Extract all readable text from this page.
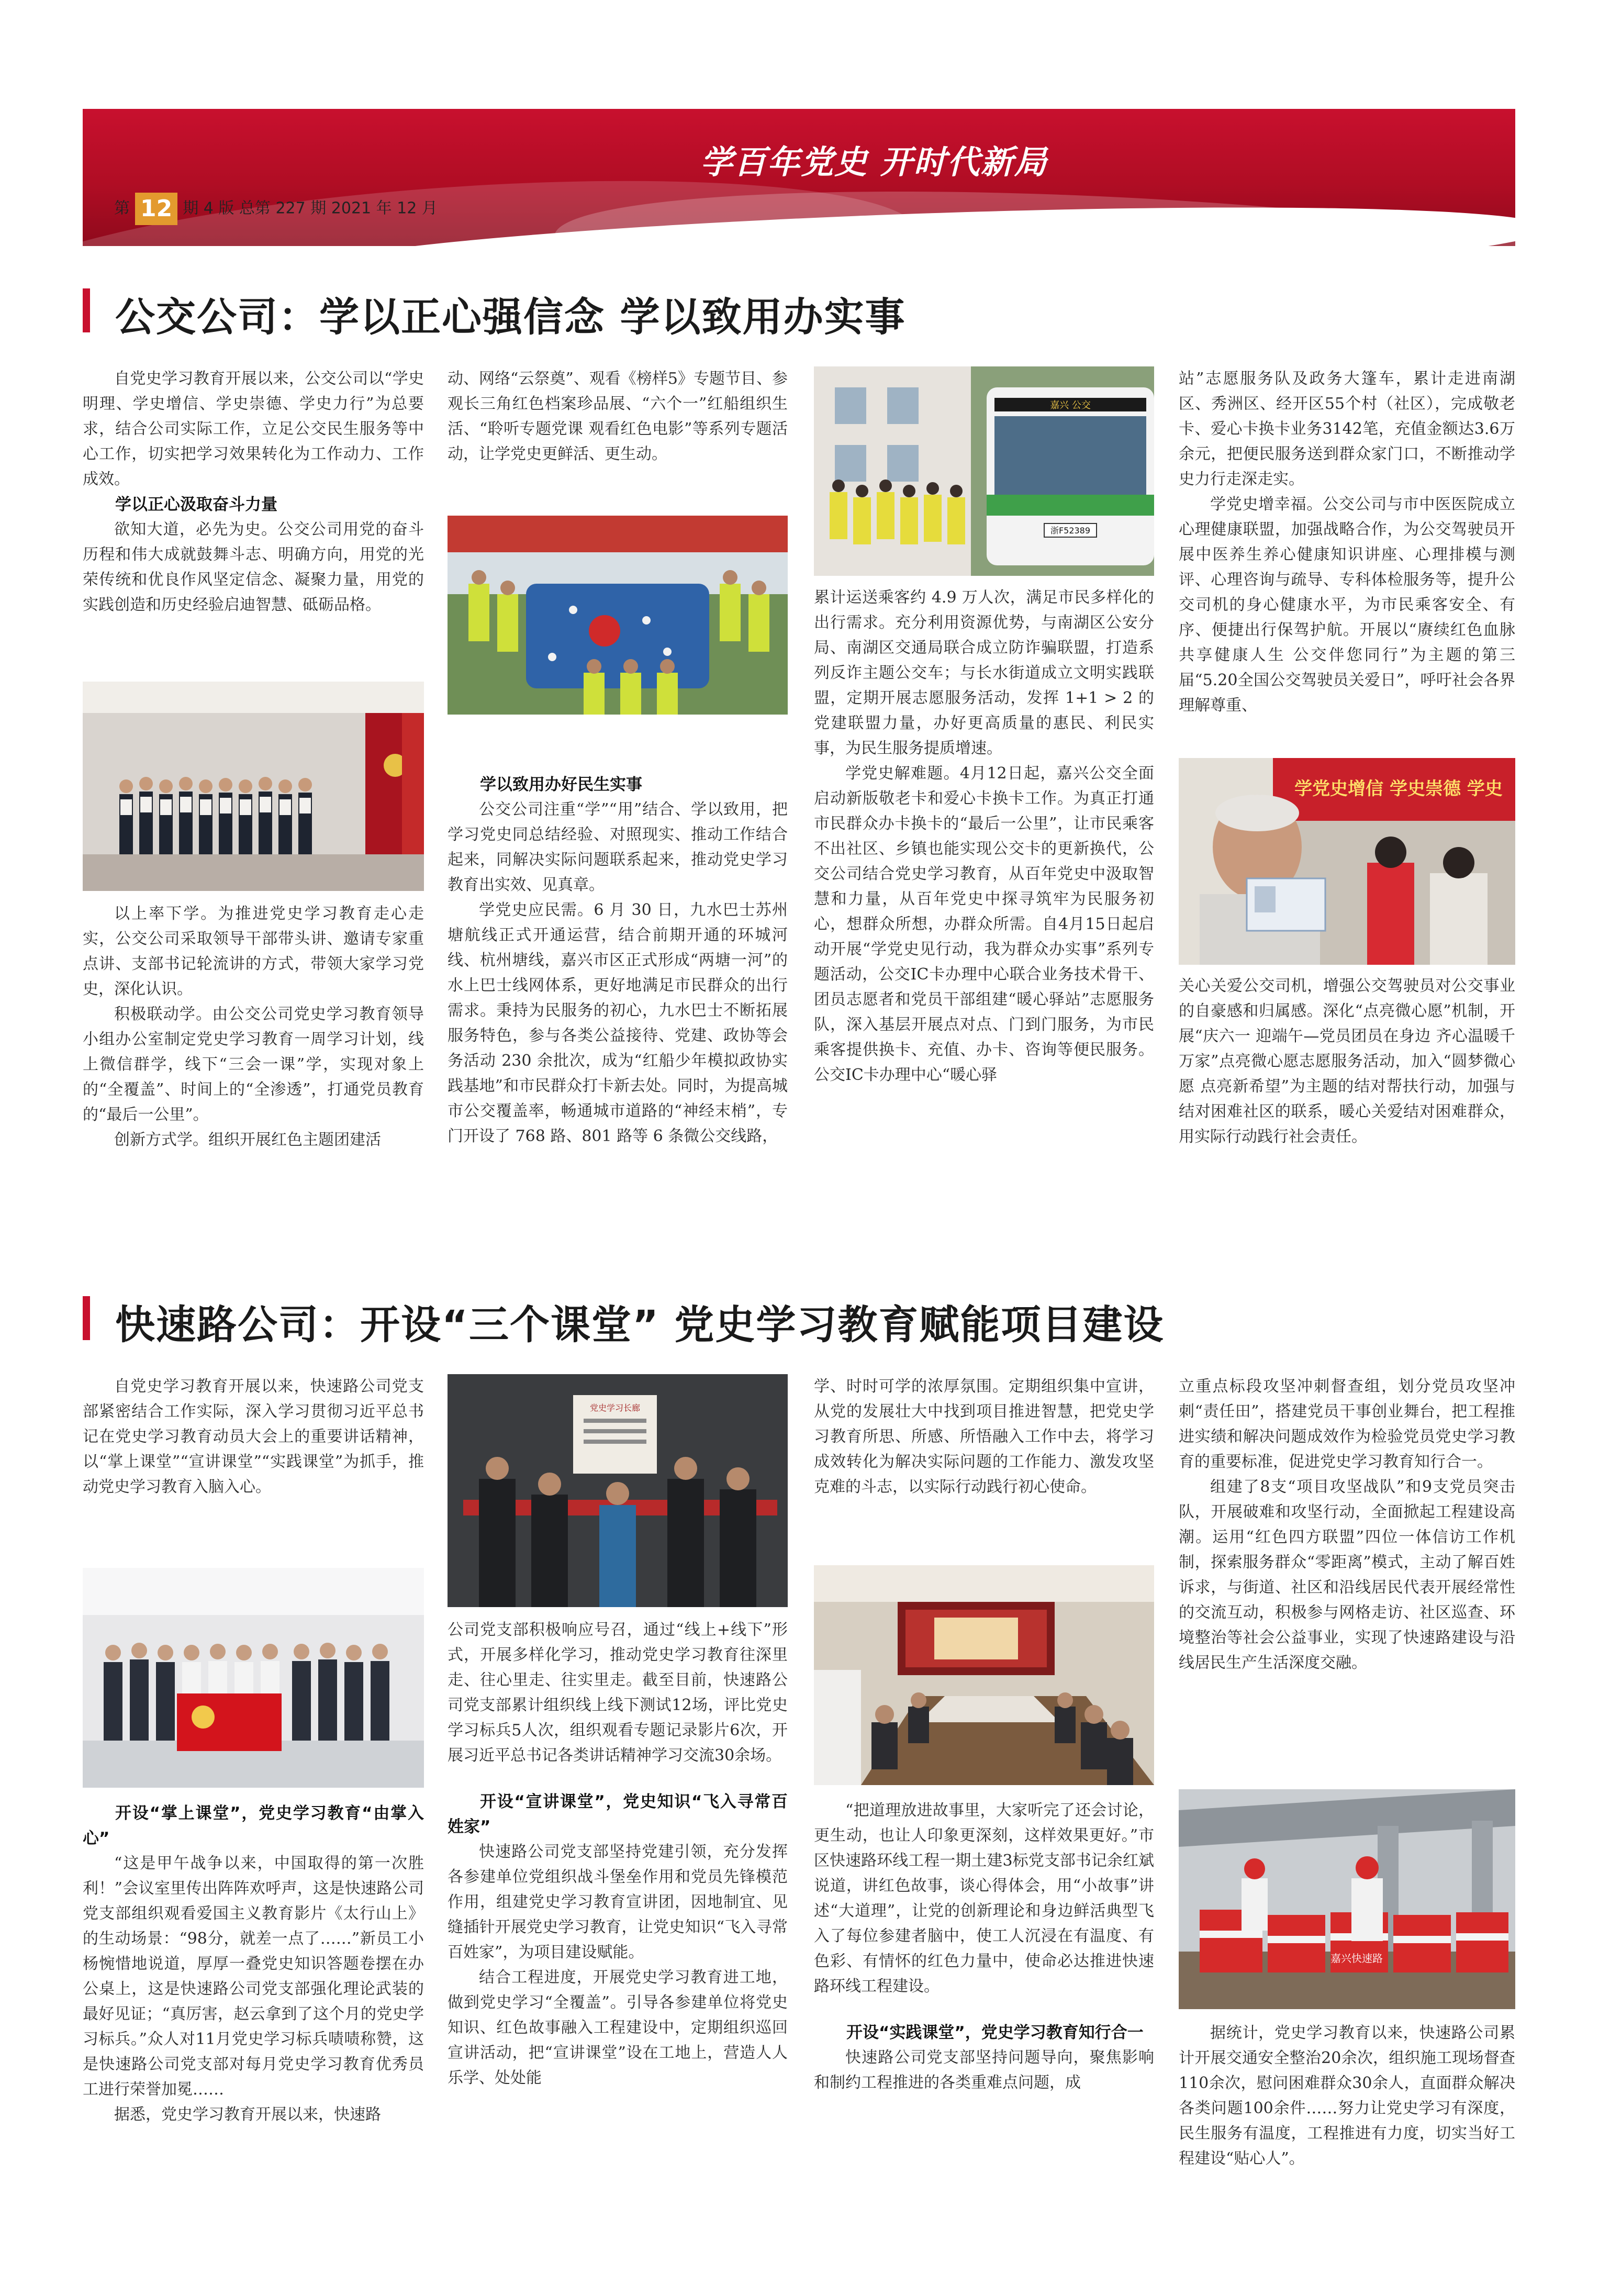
学百年党史 开时代新局
第 12 期 4 版 总第 227 期 2021 年 12 月
公交公司：学以正心强信念 学以致用办实事

自党史学习教育开展以来，公交公司以“学史明理、学史增信、学史崇德、学史力行”为总要求，结合公司实际工作，立足公交民生服务等中心工作，切实把学习效果转化为工作动力、工作成效。

学以正心汲取奋斗力量

欲知大道，必先为史。公交公司用党的奋斗历程和伟大成就鼓舞斗志、明确方向，用党的光荣传统和优良作风坚定信念、凝聚力量，用党的实践创造和历史经验启迪智慧、砥砺品格。

以上率下学。为推进党史学习教育走心走实，公交公司采取领导干部带头讲、邀请专家重点讲、支部书记轮流讲的方式，带领大家学习党史，深化认识。

积极联动学。由公交公司党史学习教育领导小组办公室制定党史学习教育一周学习计划，线上微信群学，线下“三会一课”学，实现对象上的“全覆盖”、时间上的“全渗透”，打通党员教育的“最后一公里”。

创新方式学。组织开展红色主题团建活

动、网络“云祭奠”、观看《榜样5》专题节目、参观长三角红色档案珍品展、“六个一”红船组织生活、“聆听专题党课 观看红色电影”等系列专题活动，让学党史更鲜活、更生动。

学以致用办好民生实事

公交公司注重“学”“用”结合、学以致用，把学习党史同总结经验、对照现实、推动工作结合起来，同解决实际问题联系起来，推动党史学习教育出实效、见真章。

学党史应民需。6 月 30 日，九水巴士苏州塘航线正式开通运营，结合前期开通的环城河线、杭州塘线，嘉兴市区正式形成“两塘一河”的水上巴士线网体系，更好地满足市民群众的出行需求。秉持为民服务的初心，九水巴士不断拓展服务特色，参与各类公益接待、党建、政协等会务活动 230 余批次，成为“红船少年模拟政协实践基地”和市民群众打卡新去处。同时，为提高城市公交覆盖率，畅通城市道路的“神经末梢”，专门开设了 768 路、801 路等 6 条微公交线路，

嘉兴 公交
浙F52389

累计运送乘客约 4.9 万人次，满足市民多样化的出行需求。充分利用资源优势，与南湖区公安分局、南湖区交通局联合成立防诈骗联盟，打造系列反诈主题公交车；与长水街道成立文明实践联盟，定期开展志愿服务活动，发挥 1+1 > 2 的党建联盟力量，办好更高质量的惠民、利民实事，为民生服务提质增速。

学党史解难题。4月12日起，嘉兴公交全面启动新版敬老卡和爱心卡换卡工作。为真正打通市民群众办卡换卡的“最后一公里”，让市民乘客不出社区、乡镇也能实现公交卡的更新换代，公交公司结合党史学习教育，从百年党史中汲取智慧和力量，从百年党史中探寻筑牢为民服务初心，想群众所想，办群众所需。自4月15日起启动开展“学党史见行动，我为群众办实事”系列专题活动，公交IC卡办理中心联合业务技术骨干、团员志愿者和党员干部组建“暖心驿站”志愿服务队，深入基层开展点对点、门到门服务，为市民乘客提供换卡、充值、办卡、咨询等便民服务。公交IC卡办理中心“暖心驿

站”志愿服务队及政务大篷车，累计走进南湖区、秀洲区、经开区55个村（社区），完成敬老卡、爱心卡换卡业务3142笔，充值金额达3.6万余元，把便民服务送到群众家门口，不断推动学史力行走深走实。

学党史增幸福。公交公司与市中医医院成立心理健康联盟，加强战略合作，为公交驾驶员开展中医养生养心健康知识讲座、心理排模与测评、心理咨询与疏导、专科体检服务等，提升公交司机的身心健康水平，为市民乘客安全、有序、便捷出行保驾护航。开展以“赓续红色血脉 共享健康人生 公交伴您同行”为主题的第三届“5.20全国公交驾驶员关爱日”，呼吁社会各界理解尊重、

学党史增信 学史崇德 学史

关心关爱公交司机，增强公交驾驶员对公交事业的自豪感和归属感。深化“点亮微心愿”机制，开展“庆六一 迎端午—党员团员在身边 齐心温暖千万家”点亮微心愿志愿服务活动，加入“圆梦微心愿 点亮新希望”为主题的结对帮扶行动，加强与结对困难社区的联系，暖心关爱结对困难群众，用实际行动践行社会责任。

快速路公司：开设“三个课堂” 党史学习教育赋能项目建设

自党史学习教育开展以来，快速路公司党支部紧密结合工作实际，深入学习贯彻习近平总书记在党史学习教育动员大会上的重要讲话精神，以“掌上课堂”“宣讲课堂”“实践课堂”为抓手，推动党史学习教育入脑入心。

开设“掌上课堂”，党史学习教育“由掌入心”

“这是甲午战争以来，中国取得的第一次胜利！”会议室里传出阵阵欢呼声，这是快速路公司党支部组织观看爱国主义教育影片《太行山上》的生动场景：“98分，就差一点了……”新员工小杨惋惜地说道，厚厚一叠党史知识答题卷摆在办公桌上，这是快速路公司党支部强化理论武装的最好见证；“真厉害，赵云拿到了这个月的党史学习标兵。”众人对11月党史学习标兵啧啧称赞，这是快速路公司党支部对每月党史学习教育优秀员工进行荣誉加冕……

据悉，党史学习教育开展以来，快速路

党史学习长廊

公司党支部积极响应号召，通过“线上+线下”形式，开展多样化学习，推动党史学习教育往深里走、往心里走、往实里走。截至目前，快速路公司党支部累计组织线上线下测试12场，评比党史学习标兵5人次，组织观看专题记录影片6次，开展习近平总书记各类讲话精神学习交流30余场。

开设“宣讲课堂”，党史知识“飞入寻常百姓家”

快速路公司党支部坚持党建引领，充分发挥各参建单位党组织战斗堡垒作用和党员先锋模范作用，组建党史学习教育宣讲团，因地制宜、见缝插针开展党史学习教育，让党史知识“飞入寻常百姓家”，为项目建设赋能。

结合工程进度，开展党史学习教育进工地，做到党史学习“全覆盖”。引导各参建单位将党史知识、红色故事融入工程建设中，定期组织巡回宣讲活动，把“宣讲课堂”设在工地上，营造人人乐学、处处能

学、时时可学的浓厚氛围。定期组织集中宣讲，从党的发展壮大中找到项目推进智慧，把党史学习教育所思、所感、所悟融入工作中去，将学习成效转化为解决实际问题的工作能力、激发攻坚克难的斗志，以实际行动践行初心使命。

“把道理放进故事里，大家听完了还会讨论，更生动，也让人印象更深刻，这样效果更好。”市区快速路环线工程一期土建3标党支部书记余红斌说道，讲红色故事，谈心得体会，用“小故事”讲述“大道理”，让党的创新理论和身边鲜活典型飞入了每位参建者脑中，使工人沉浸在有温度、有色彩、有情怀的红色力量中，使命必达推进快速路环线工程建设。

开设“实践课堂”，党史学习教育知行合一

快速路公司党支部坚持问题导向，聚焦影响和制约工程推进的各类重难点问题，成

立重点标段攻坚冲刺督查组，划分党员攻坚冲刺“责任田”，搭建党员干事创业舞台，把工程推进实绩和解决问题成效作为检验党员党史学习教育的重要标准，促进党史学习教育知行合一。

组建了8支“项目攻坚战队”和9支党员突击队，开展破难和攻坚行动，全面掀起工程建设高潮。运用“红色四方联盟”四位一体信访工作机制，探索服务群众“零距离”模式，主动了解百姓诉求，与街道、社区和沿线居民代表开展经常性的交流互动，积极参与网格走访、社区巡查、环境整治等社会公益事业，实现了快速路建设与沿线居民生产生活深度交融。

嘉兴快速路

据统计，党史学习教育以来，快速路公司累计开展交通安全整治20余次，组织施工现场督查110余次，慰问困难群众30余人，直面群众解决各类问题100余件……努力让党史学习有深度，民生服务有温度，工程推进有力度，切实当好工程建设“贴心人”。
